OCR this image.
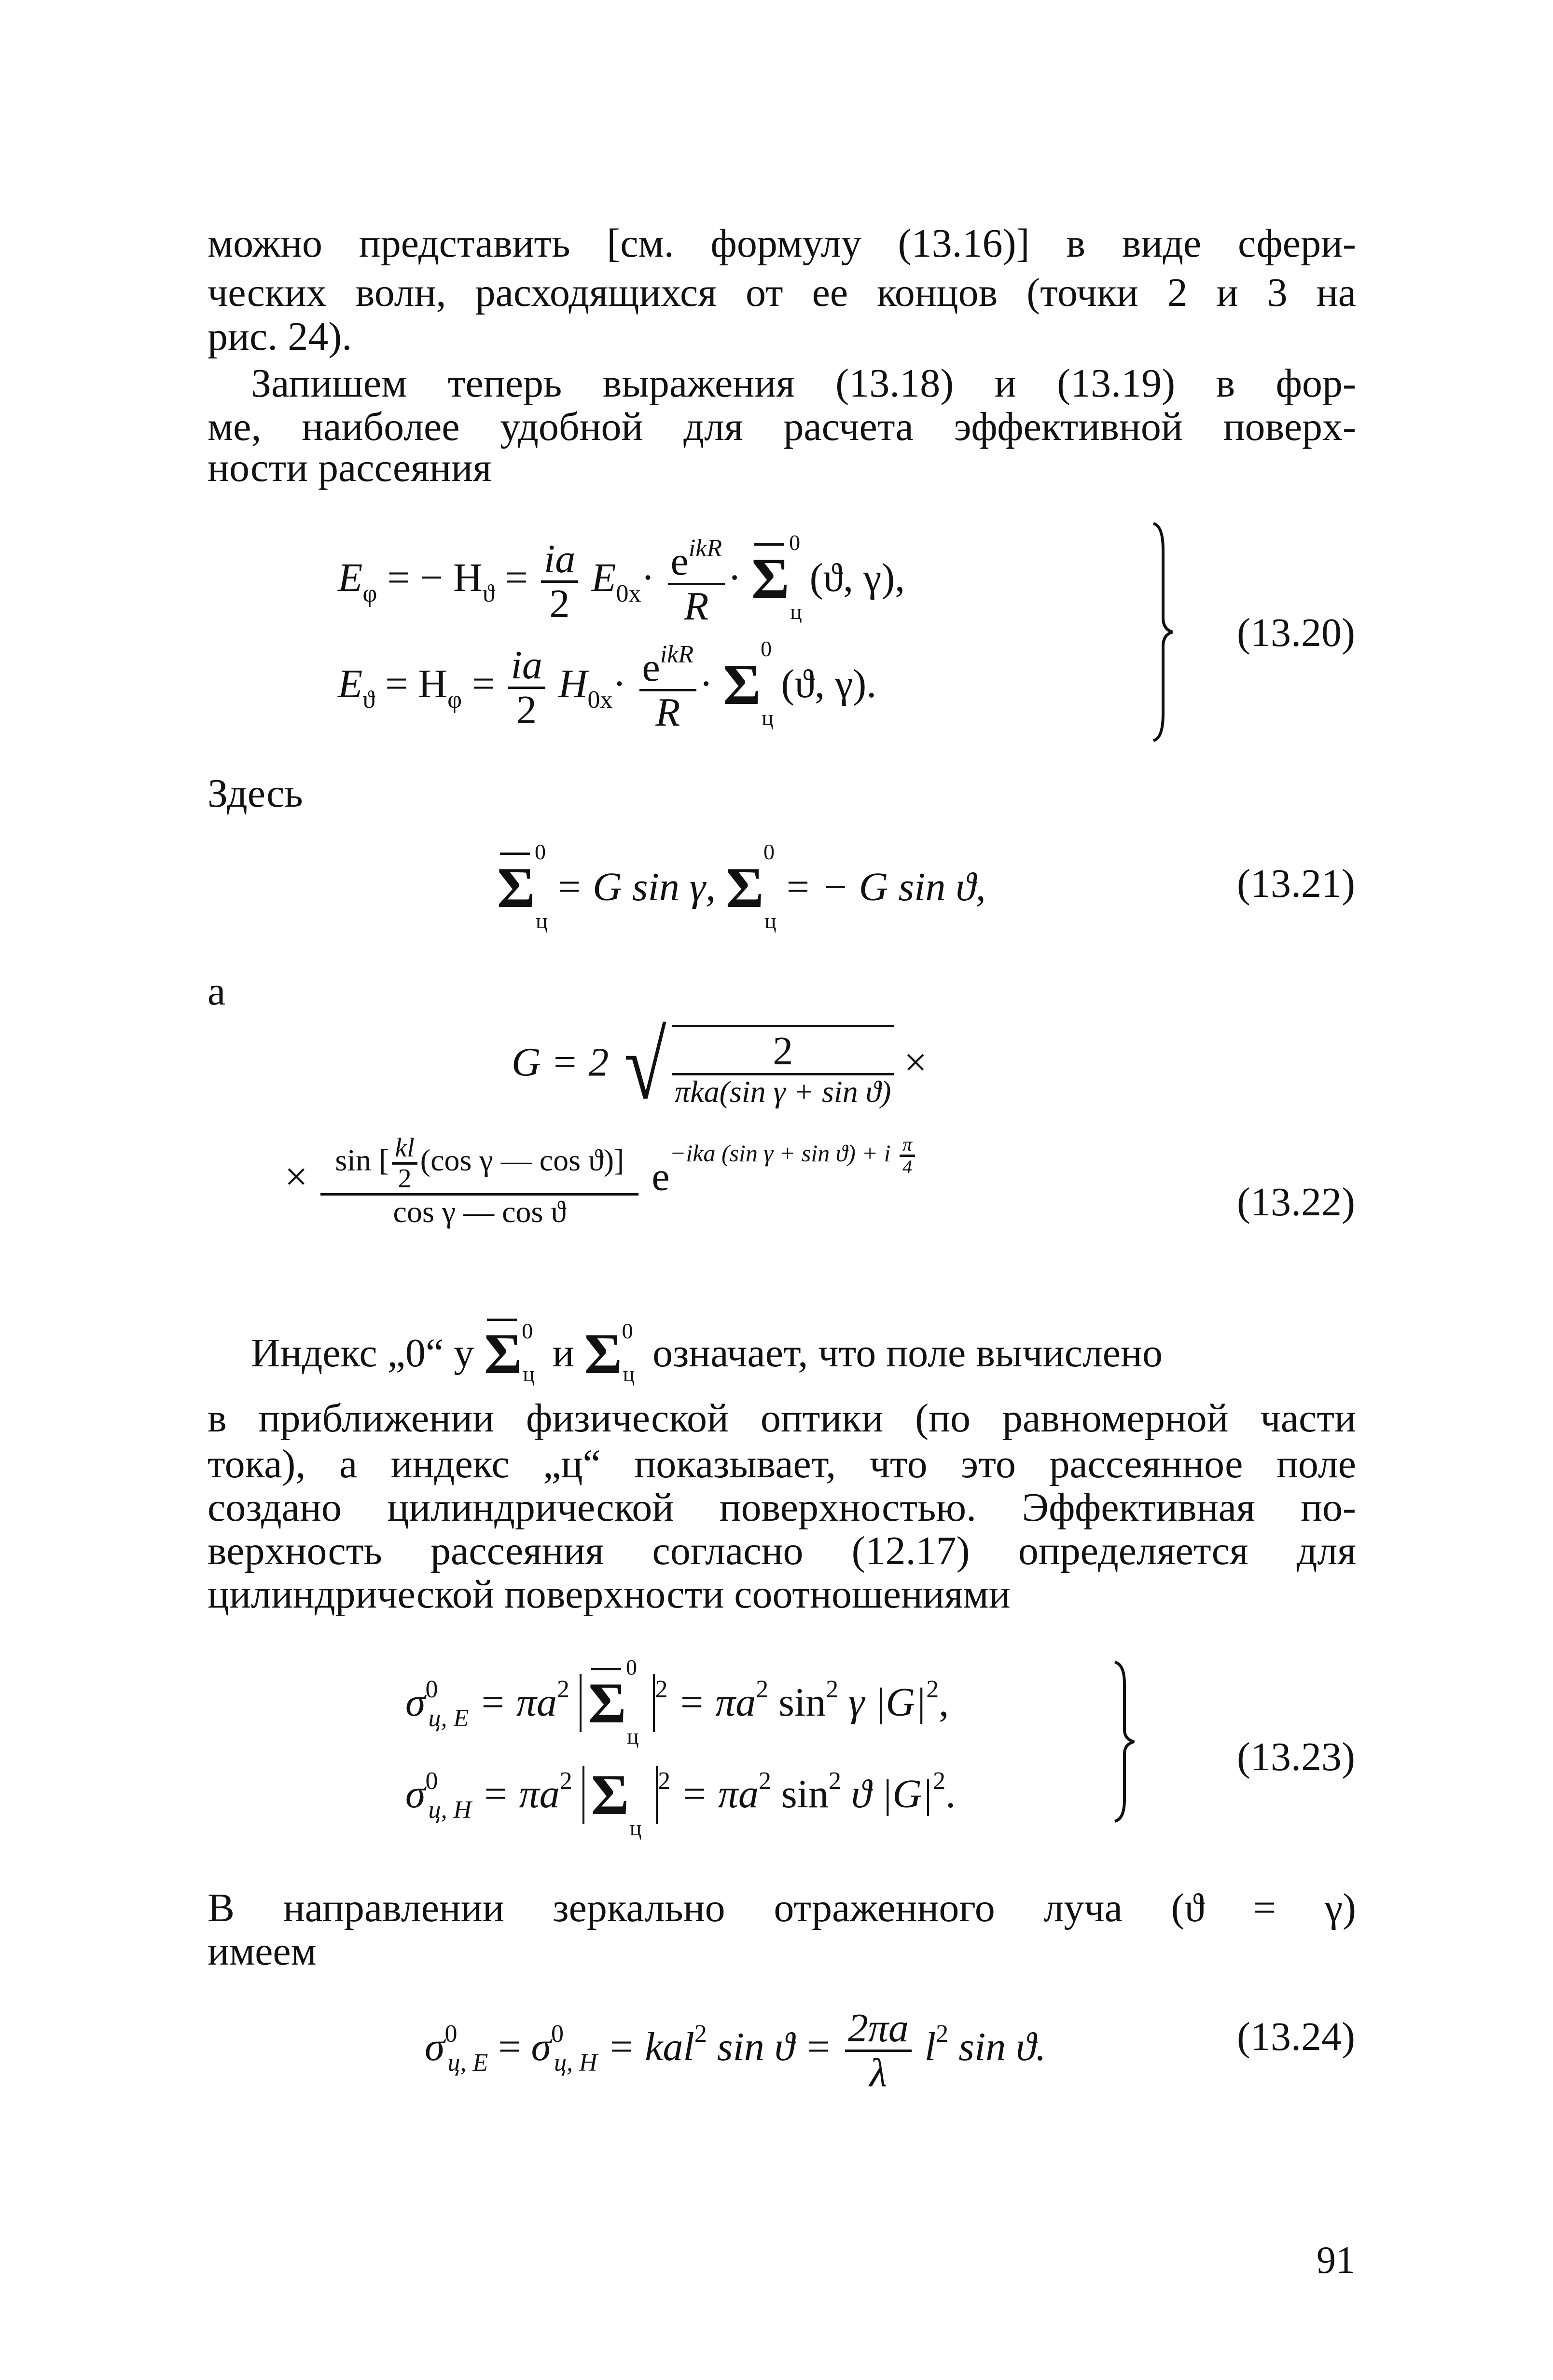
можно представить [см. формулу (13.16)] в виде сфери-
ческих волн, расходящихся от ее концов (точки 2 и 3 на
рис. 24).
Запишем теперь выражения (13.18) и (13.19) в фор-
ме, наиболее удобной для расчета эффективной поверх-
ности рассеяния
$E_\varphi$ = − $H_ϑ = \frac{ia}{2} E_{0x}\cdot \frac{e^{ikR}}{R} \cdot \Sigma$
0
ц
(ϑ, γ),
$E_ϑ = H_\varphi = \frac{ia}{2} H_{0x}\cdot \frac{e^{ikR}}{R} \cdot \Sigma$
0
ц
(ϑ, γ).
(13.20)
Здесь
Σ
0
ц
= G sin γ, Σ
0
ц
= − G sin ϑ,	(13.21)
а
G = 2 √ $\frac{2}{\text{πka(sin γ + sin ϑ)}}$ ×
× $\frac{\sin [ \frac{kl}{2} (\cos \gamma — \cos ϑ)]}{\text{cos γ — cos ϑ}} e^{-ika (sin \gamma + sin ϑ) + i \frac{\pi}{4}}$
(13.22)
Индекс „0“ у Σ 0
ц и Σ 0
ц означает, что поле вычислено
в приближении физической оптики (по равномерной части
тока), а индекс „ц“ показывает, что это рассеянное поле
создано цилиндрической поверхностью. Эффективная по-
верхность рассеяния согласно (12.17) определяется для
цилиндрической поверхности соотношениями
$\sigma^0_{ц, E} = \pi a^2$ Σ
0
ц
$^2 = \pi a^2$ $\sin^2 \gamma$ $|G|^2$,
$\sigma^0_{ц, H} = \pi a^2$ Σ
ц
$^2 = \pi a^2$ $\sin^2 ϑ$ $|G|^2$.
(13.23)
В направлении зеркально отраженного луча (ϑ = γ)
имеем
$\sigma^0_{ц, E} = \sigma^0_{ц, H} = kal^2$ $\sin ϑ = \frac{2\pi a}{\lambda} l^2$ sin ϑ.	(13.24)
91
